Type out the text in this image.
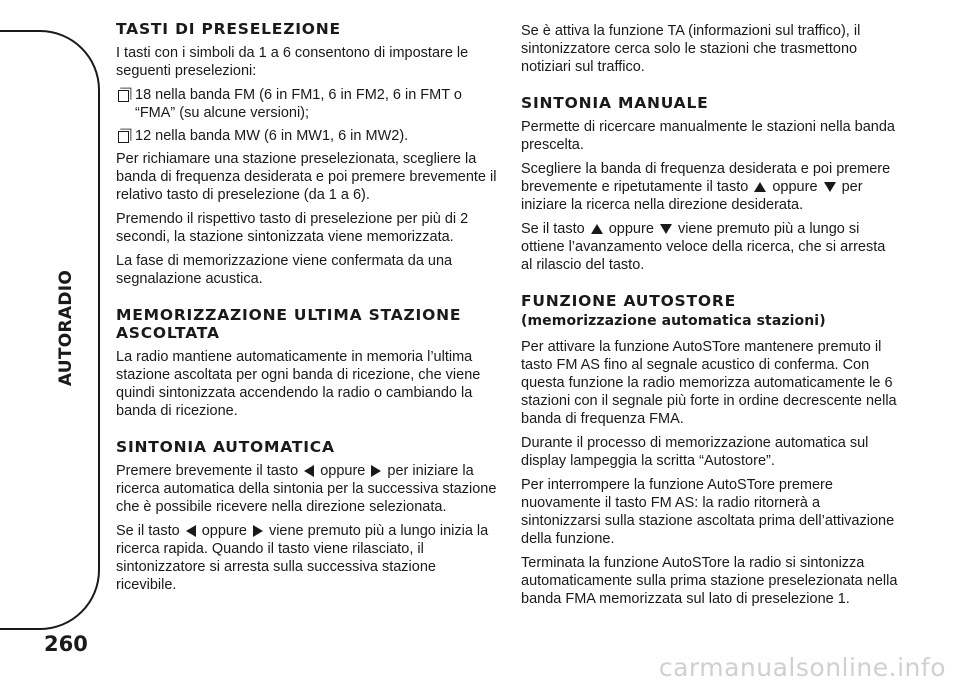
AUTORADIO
260
TASTI DI PRESELEZIONE

I tasti con i simboli da 1 a 6 consentono di impostare le seguenti preselezioni:

18 nella banda FM (6 in FM1, 6 in FM2, 6 in FMT o “FMA” (su alcune versioni);
12 nella banda MW (6 in MW1, 6 in MW2).

Per richiamare una stazione preselezionata, scegliere la banda di frequenza desiderata e poi premere brevemente il relativo tasto di preselezione (da 1 a 6).

Premendo il rispettivo tasto di preselezione per più di 2 secondi, la stazione sintonizzata viene memorizzata.

La fase di memorizzazione viene confermata da una segnalazione acustica.

MEMORIZZAZIONE ULTIMA STAZIONE ASCOLTATA

La radio mantiene automaticamente in memoria l’ultima stazione ascoltata per ogni banda di ricezione, che viene quindi sintonizzata accendendo la radio o cambiando la banda di ricezione.

SINTONIA AUTOMATICA

Premere brevemente il tasto oppure per iniziare la ricerca automatica della sintonia per la successiva stazione che è possibile ricevere nella direzione selezionata.

Se il tasto oppure viene premuto più a lungo inizia la ricerca rapida. Quando il tasto viene rilasciato, il sintonizzatore si arresta sulla successiva stazione ricevibile.

Se è attiva la funzione TA (informazioni sul traffico), il sintonizzatore cerca solo le stazioni che trasmettono notiziari sul traffico.

SINTONIA MANUALE

Permette di ricercare manualmente le stazioni nella banda prescelta.

Scegliere la banda di frequenza desiderata e poi premere brevemente e ripetutamente il tasto oppure per iniziare la ricerca nella direzione desiderata.

Se il tasto oppure viene premuto più a lungo si ottiene l’avanzamento veloce della ricerca, che si arresta al rilascio del tasto.

FUNZIONE AUTOSTORE
(memorizzazione automatica stazioni)

Per attivare la funzione AutoSTore mantenere premuto il tasto FM AS fino al segnale acustico di conferma. Con questa funzione la radio memorizza automaticamente le 6 stazioni con il segnale più forte in ordine decrescente nella banda di frequenza FMA.

Durante il processo di memorizzazione automatica sul display lampeggia la scritta “Autostore”.

Per interrompere la funzione AutoSTore premere nuovamente il tasto FM AS: la radio ritornerà a sintonizzarsi sulla stazione ascoltata prima dell’attivazione della funzione.

Terminata la funzione AutoSTore la radio si sintonizza automaticamente sulla prima stazione preselezionata nella banda FMA memorizzata sul lato di preselezione 1.

carmanualsonline.info
